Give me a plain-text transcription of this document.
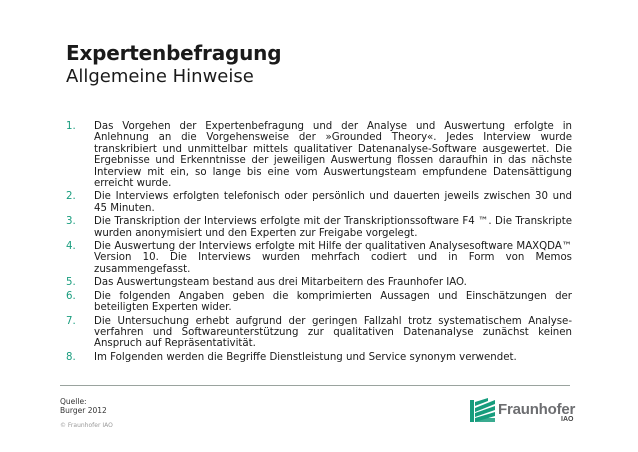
Expertenbefragung
Allgemeine Hinweise
1.	Das Vorgehen der Expertenbefragung und der Analyse und Auswertung erfolgte in Anlehnung an die Vorgehensweise der »Grounded Theory«. Jedes Interview wurde transkribiert und unmittelbar mittels qualitativer Datenanalyse-Software ausgewertet. Die Ergebnisse und Erkenntnisse der jeweiligen Auswertung flossen daraufhin in das nächste Interview mit ein, so lange bis eine vom Auswertungsteam empfundene Datensättigung erreicht wurde.
2.	Die Interviews erfolgten telefonisch oder persönlich und dauerten jeweils zwischen 30 und 45 Minuten.
3.	Die Transkription der Interviews erfolgte mit der Transkriptionssoftware F4 ™. Die Transkripte wurden anonymisiert und den Experten zur Freigabe vorgelegt.
4.	Die Auswertung der Interviews erfolgte mit Hilfe der qualitativen Analysesoftware MAXQDA™ Version 10. Die Interviews wurden mehrfach codiert und in Form von Memos zusammengefasst.
5.	Das Auswertungsteam bestand aus drei Mitarbeitern des Fraunhofer IAO.
6.	Die folgenden Angaben geben die komprimierten Aussagen und Einschätzungen der beteiligten Experten wider.
7.	Die Untersuchung erhebt aufgrund der geringen Fallzahl trotz systematischem Analyse-verfahren und Softwareunterstützung zur qualitativen Datenanalyse zunächst keinen Anspruch auf Repräsentativität.
8.	Im Folgenden werden die Begriffe Dienstleistung und Service synonym verwendet.
Quelle:
Burger 2012
© Fraunhofer IAO
Fraunhofer
IAO
